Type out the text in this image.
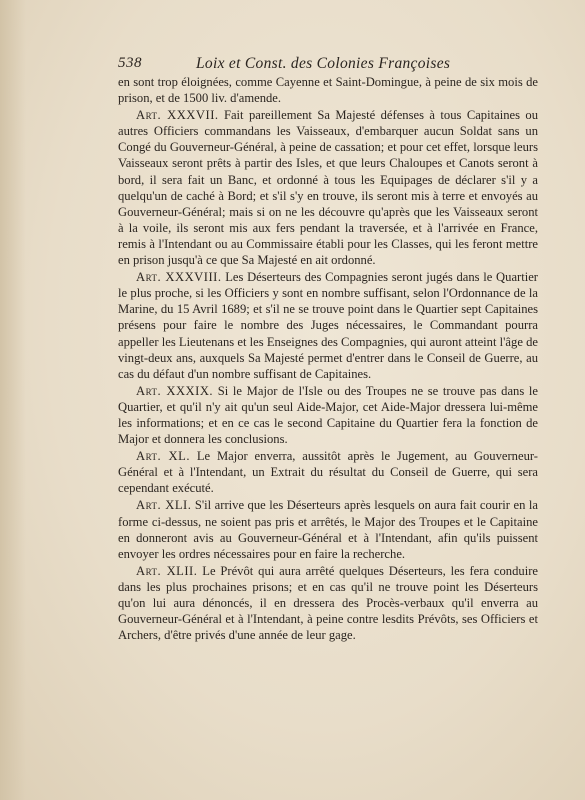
538	Loix et Const. des Colonies Françoises

en sont trop éloignées, comme Cayenne et Saint-Domingue, à peine de six mois de prison, et de 1500 liv. d'amende.

Art. XXXVII. Fait pareillement Sa Majesté défenses à tous Capitaines ou autres Officiers commandans les Vaisseaux, d'embarquer aucun Soldat sans un Congé du Gouverneur-Général, à peine de cassation; et pour cet effet, lorsque leurs Vaisseaux seront prêts à partir des Isles, et que leurs Chaloupes et Canots seront à bord, il sera fait un Banc, et ordonné à tous les Equipages de déclarer s'il y a quelqu'un de caché à Bord; et s'il s'y en trouve, ils seront mis à terre et envoyés au Gouverneur-Général; mais si on ne les découvre qu'après que les Vaisseaux seront à la voile, ils seront mis aux fers pendant la traversée, et à l'arrivée en France, remis à l'Intendant ou au Commissaire établi pour les Classes, qui les feront mettre en prison jusqu'à ce que Sa Majesté en ait ordonné.

Art. XXXVIII. Les Déserteurs des Compagnies seront jugés dans le Quartier le plus proche, si les Officiers y sont en nombre suffisant, selon l'Ordonnance de la Marine, du 15 Avril 1689; et s'il ne se trouve point dans le Quartier sept Capitaines présens pour faire le nombre des Juges nécessaires, le Commandant pourra appeller les Lieutenans et les Enseignes des Compagnies, qui auront atteint l'âge de vingt-deux ans, auxquels Sa Majesté permet d'entrer dans le Conseil de Guerre, au cas du défaut d'un nombre suffisant de Capitaines.

Art. XXXIX. Si le Major de l'Isle ou des Troupes ne se trouve pas dans le Quartier, et qu'il n'y ait qu'un seul Aide-Major, cet Aide-Major dressera lui-même les informations; et en ce cas le second Capitaine du Quartier fera la fonction de Major et donnera les conclusions.

Art. XL. Le Major enverra, aussitôt après le Jugement, au Gouverneur-Général et à l'Intendant, un Extrait du résultat du Conseil de Guerre, qui sera cependant exécuté.

Art. XLI. S'il arrive que les Déserteurs après lesquels on aura fait courir en la forme ci-dessus, ne soient pas pris et arrêtés, le Major des Troupes et le Capitaine en donneront avis au Gouverneur-Général et à l'Intendant, afin qu'ils puissent envoyer les ordres nécessaires pour en faire la recherche.

Art. XLII. Le Prévôt qui aura arrêté quelques Déserteurs, les fera conduire dans les plus prochaines prisons; et en cas qu'il ne trouve point les Déserteurs qu'on lui aura dénoncés, il en dressera des Procès-verbaux qu'il enverra au Gouverneur-Général et à l'Intendant, à peine contre lesdits Prévôts, ses Officiers et Archers, d'être privés d'une année de leur gage.
